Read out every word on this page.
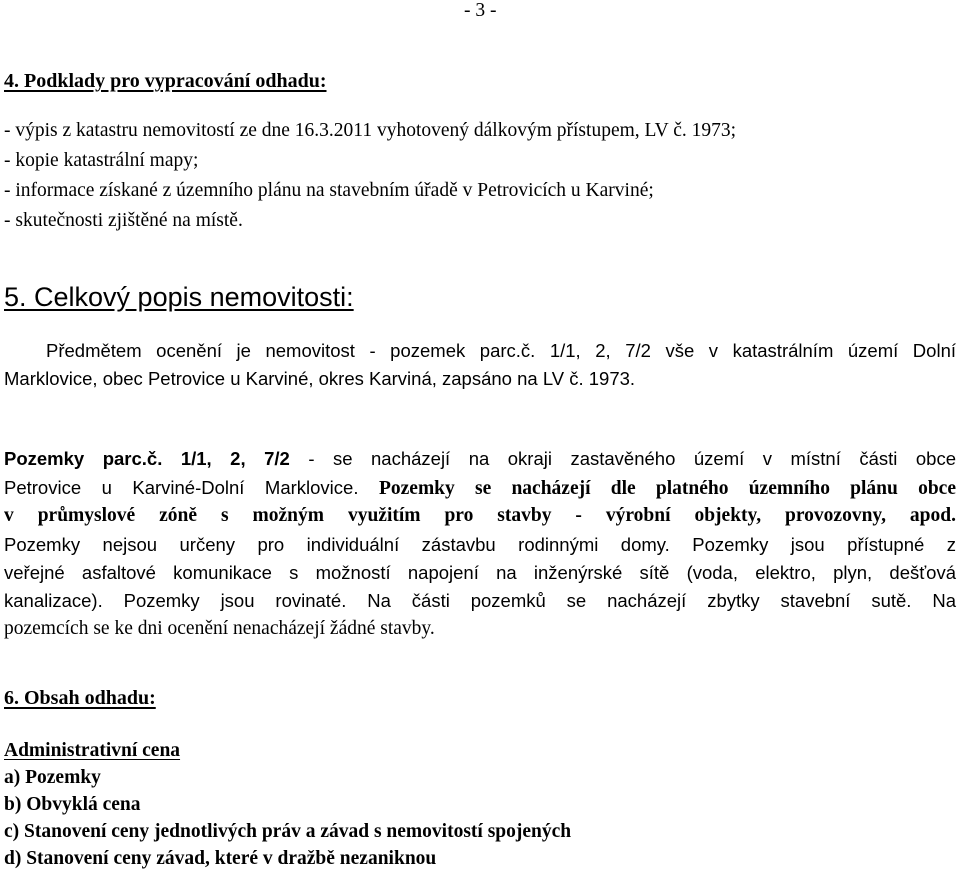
- 3 -
4. Podklady pro vypracování odhadu:
- výpis z katastru nemovitostí ze dne 16.3.2011 vyhotovený dálkovým přístupem, LV č. 1973;
- kopie katastrální mapy;
- informace získané z územního plánu na stavebním úřadě v Petrovicích u Karviné;
- skutečnosti zjištěné na místě.
5. Celkový popis nemovitosti:
Předmětem ocenění je nemovitost - pozemek parc.č. 1/1, 2, 7/2 vše v katastrálním území Dolní
Marklovice, obec Petrovice u Karviné, okres Karviná, zapsáno na LV č. 1973.
Pozemky parc.č. 1/1, 2, 7/2 - se nacházejí na okraji zastavěného území v místní části obce
Petrovice u Karviné-Dolní Marklovice. Pozemky se nacházejí dle platného územního plánu obce
v průmyslové zóně s možným využitím pro stavby - výrobní objekty, provozovny, apod.
Pozemky nejsou určeny pro individuální zástavbu rodinnými domy. Pozemky jsou přístupné z
veřejné asfaltové komunikace s možností napojení na inženýrské sítě (voda, elektro, plyn, dešťová
kanalizace). Pozemky jsou rovinaté. Na části pozemků se nacházejí zbytky stavební sutě. Na
pozemcích se ke dni ocenění nenacházejí žádné stavby.
6. Obsah odhadu:
Administrativní cena
a) Pozemky
b) Obvyklá cena
c) Stanovení ceny jednotlivých práv a závad s nemovitostí spojených
d) Stanovení ceny závad, které v dražbě nezaniknou
